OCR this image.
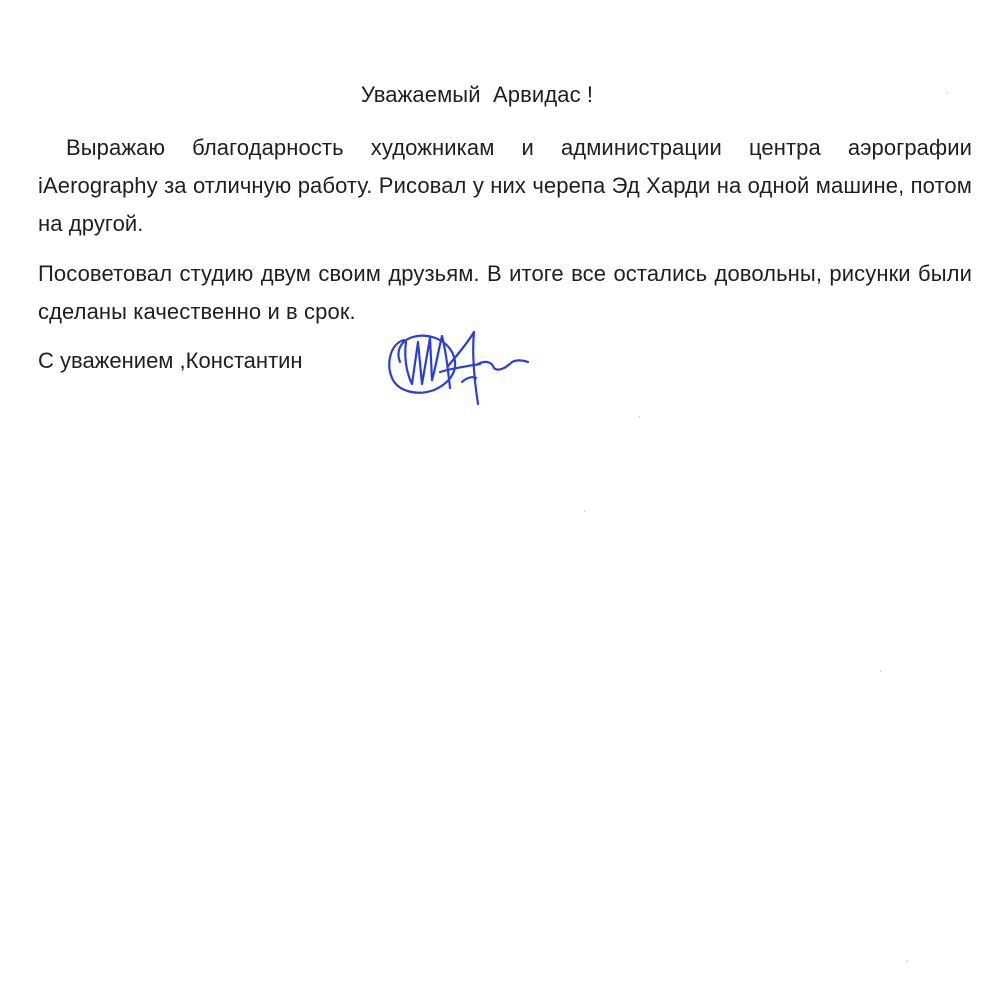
Уважаемый  Арвидас !

Выражаю благодарность художникам и администрации центра аэрографии iAerography за отличную работу. Рисовал у них черепа Эд Харди на одной машине, потом на другой.

Посоветовал студию двум своим друзьям. В итоге все остались довольны, рисунки были сделаны качественно и в срок.

С уважением ,Константин
